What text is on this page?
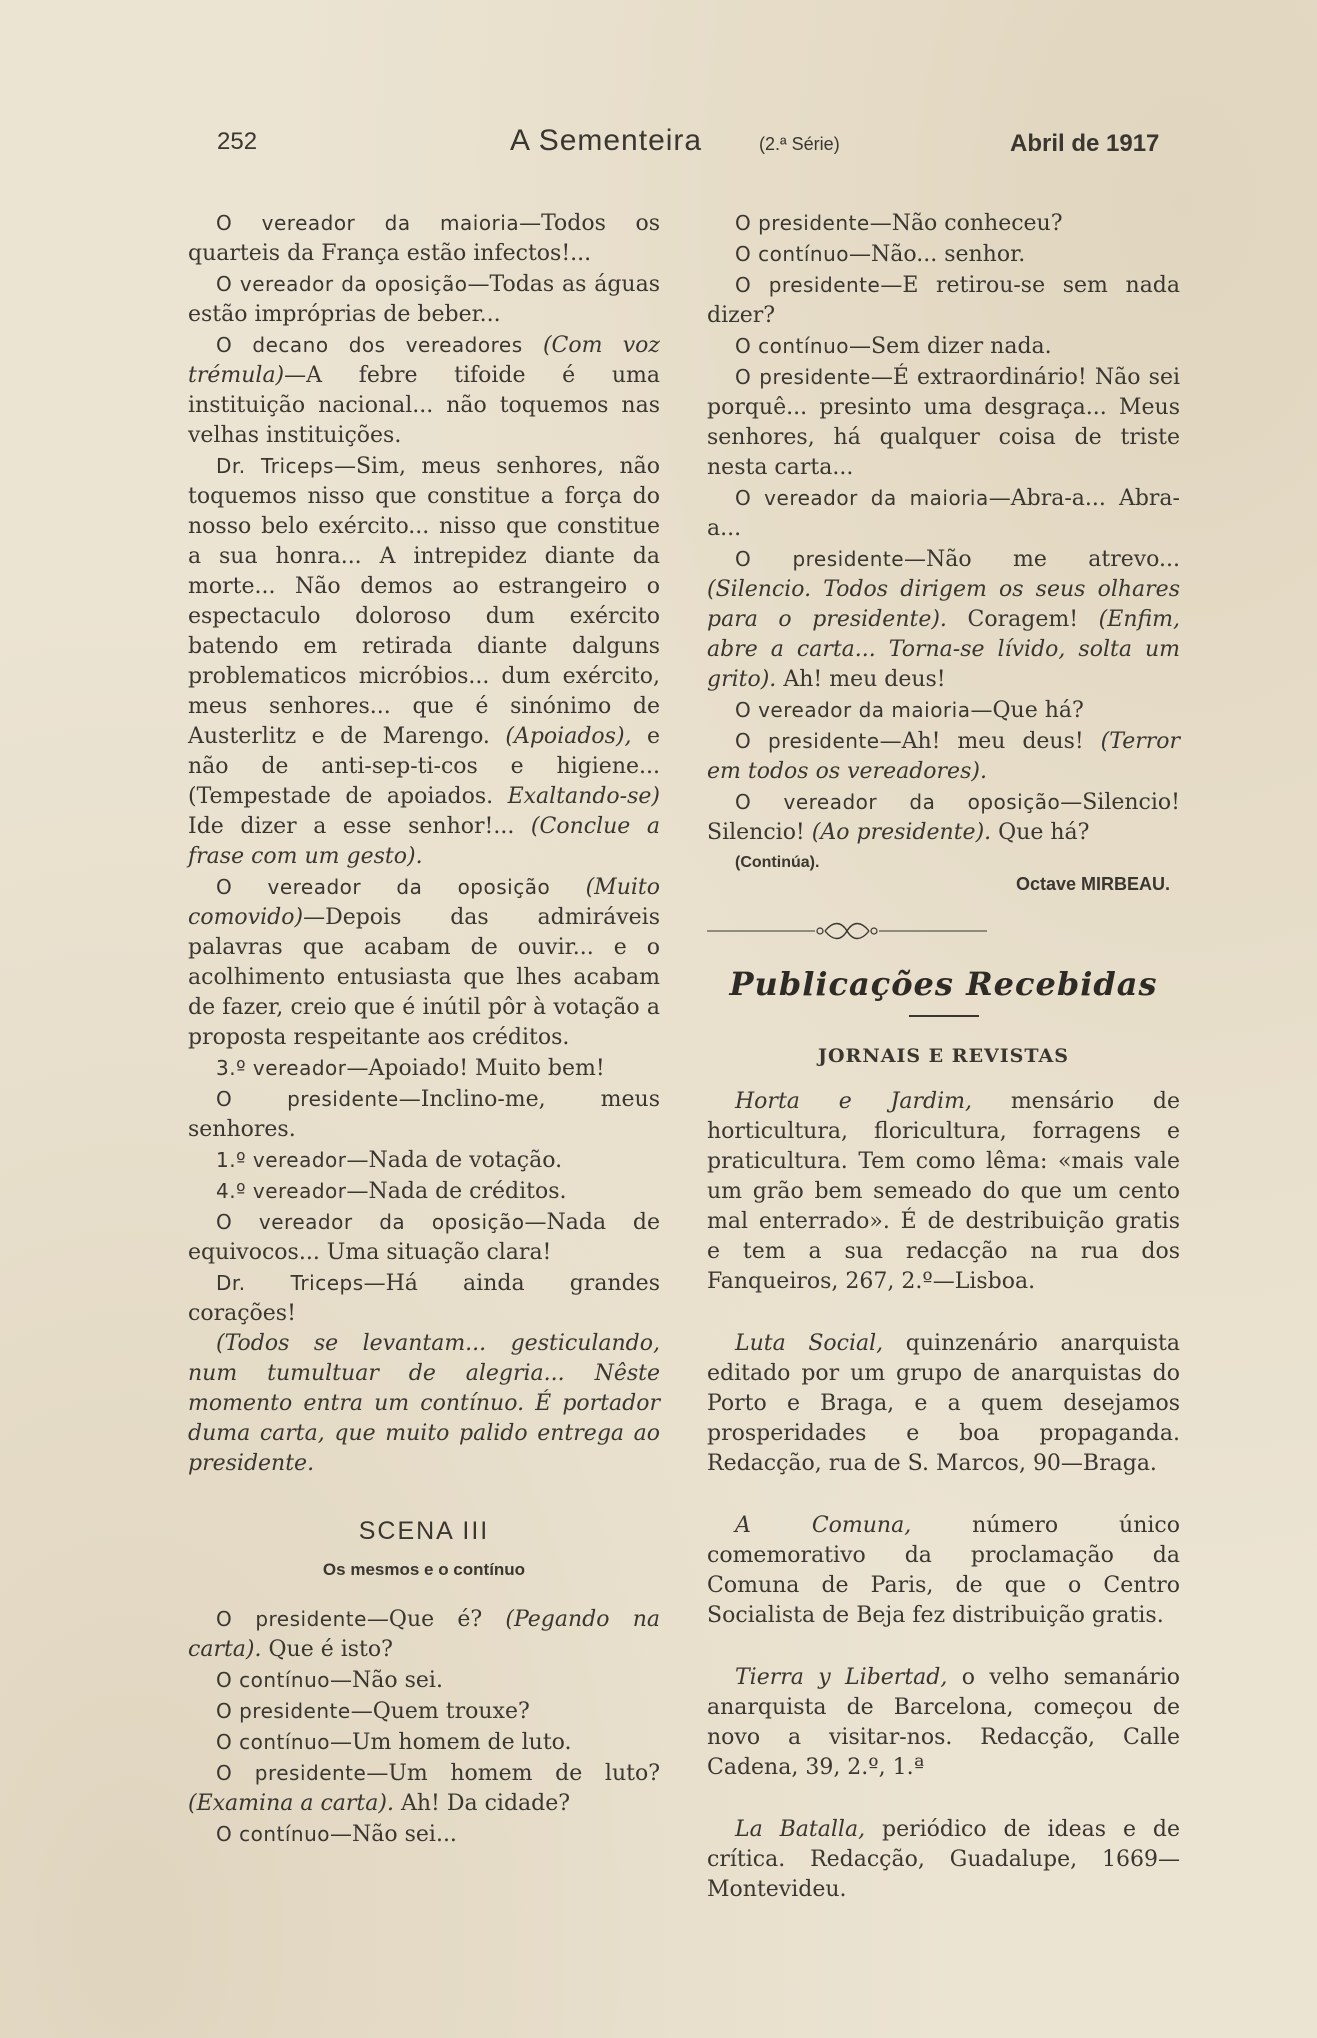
252	A Sementeira	(2.ª Série)	Abril de 1917

O vereador da maioria—Todos os quarteis da França estão infectos!...

O vereador da oposição—Todas as águas estão impróprias de beber...

O decano dos vereadores (Com voz trémula)—A febre tifoide é uma instituição nacional... não toquemos nas velhas instituições.

Dr. Triceps—Sim, meus senhores, não toquemos nisso que constitue a força do nosso belo exército... nisso que constitue a sua honra... A intrepidez diante da morte... Não demos ao estrangeiro o espectaculo doloroso dum exército batendo em retirada diante dalguns problematicos micróbios... dum exército, meus senhores... que é sinónimo de Austerlitz e de Marengo. (Apoiados), e não de anti-sep-ti-cos e higiene... (Tempestade de apoiados. Exaltando-se) Ide dizer a esse senhor!... (Conclue a frase com um gesto).

O vereador da oposição (Muito comovido)—Depois das admiráveis palavras que acabam de ouvir... e o acolhimento entusiasta que lhes acabam de fazer, creio que é inútil pôr à votação a proposta respeitante aos créditos.

3.º vereador—Apoiado! Muito bem!

O presidente—Inclino-me, meus senhores.

1.º vereador—Nada de votação.

4.º vereador—Nada de créditos.

O vereador da oposição—Nada de equivocos... Uma situação clara!

Dr. Triceps—Há ainda grandes corações!

(Todos se levantam... gesticulando, num tumultuar de alegria... Nêste momento entra um contínuo. É portador duma carta, que muito palido entrega ao presidente.

SCENA III
Os mesmos e o contínuo

O presidente—Que é? (Pegando na carta). Que é isto?

O contínuo—Não sei.

O presidente—Quem trouxe?

O contínuo—Um homem de luto.

O presidente—Um homem de luto? (Examina a carta). Ah! Da cidade?

O contínuo—Não sei...

O presidente—Não conheceu?

O contínuo—Não... senhor.

O presidente—E retirou-se sem nada dizer?

O contínuo—Sem dizer nada.

O presidente—É extraordinário! Não sei porquê... presinto uma desgraça... Meus senhores, há qualquer coisa de triste nesta carta...

O vereador da maioria—Abra-a... Abra-a...

O presidente—Não me atrevo... (Silencio. Todos dirigem os seus olhares para o presidente). Coragem! (Enfim, abre a carta... Torna-se lívido, solta um grito). Ah! meu deus!

O vereador da maioria—Que há?

O presidente—Ah! meu deus! (Terror em todos os vereadores).

O vereador da oposição—Silencio! Silencio! (Ao presidente). Que há?

(Continúa).
Octave MIRBEAU.
Publicações Recebidas
JORNAIS E REVISTAS

Horta e Jardim, mensário de horticultura, floricultura, forragens e praticultura. Tem como lêma: «mais vale um grão bem semeado do que um cento mal enterrado». É de destribuição gratis e tem a sua redacção na rua dos Fanqueiros, 267, 2.º—Lisboa.

Luta Social, quinzenário anarquista editado por um grupo de anarquistas do Porto e Braga, e a quem desejamos prosperidades e boa propaganda. Redacção, rua de S. Marcos, 90—Braga.

A Comuna,	número único comemorativo da proclamação da Comuna de Paris, de que o Centro Socialista de Beja fez distribuição gratis.

Tierra y Libertad, o velho semanário anarquista de Barcelona, começou de novo a visitar-nos. Redacção, Calle Cadena, 39, 2.º, 1.ª

La Batalla, periódico de ideas e de crítica. Redacção, Guadalupe, 1669—Montevideu.
